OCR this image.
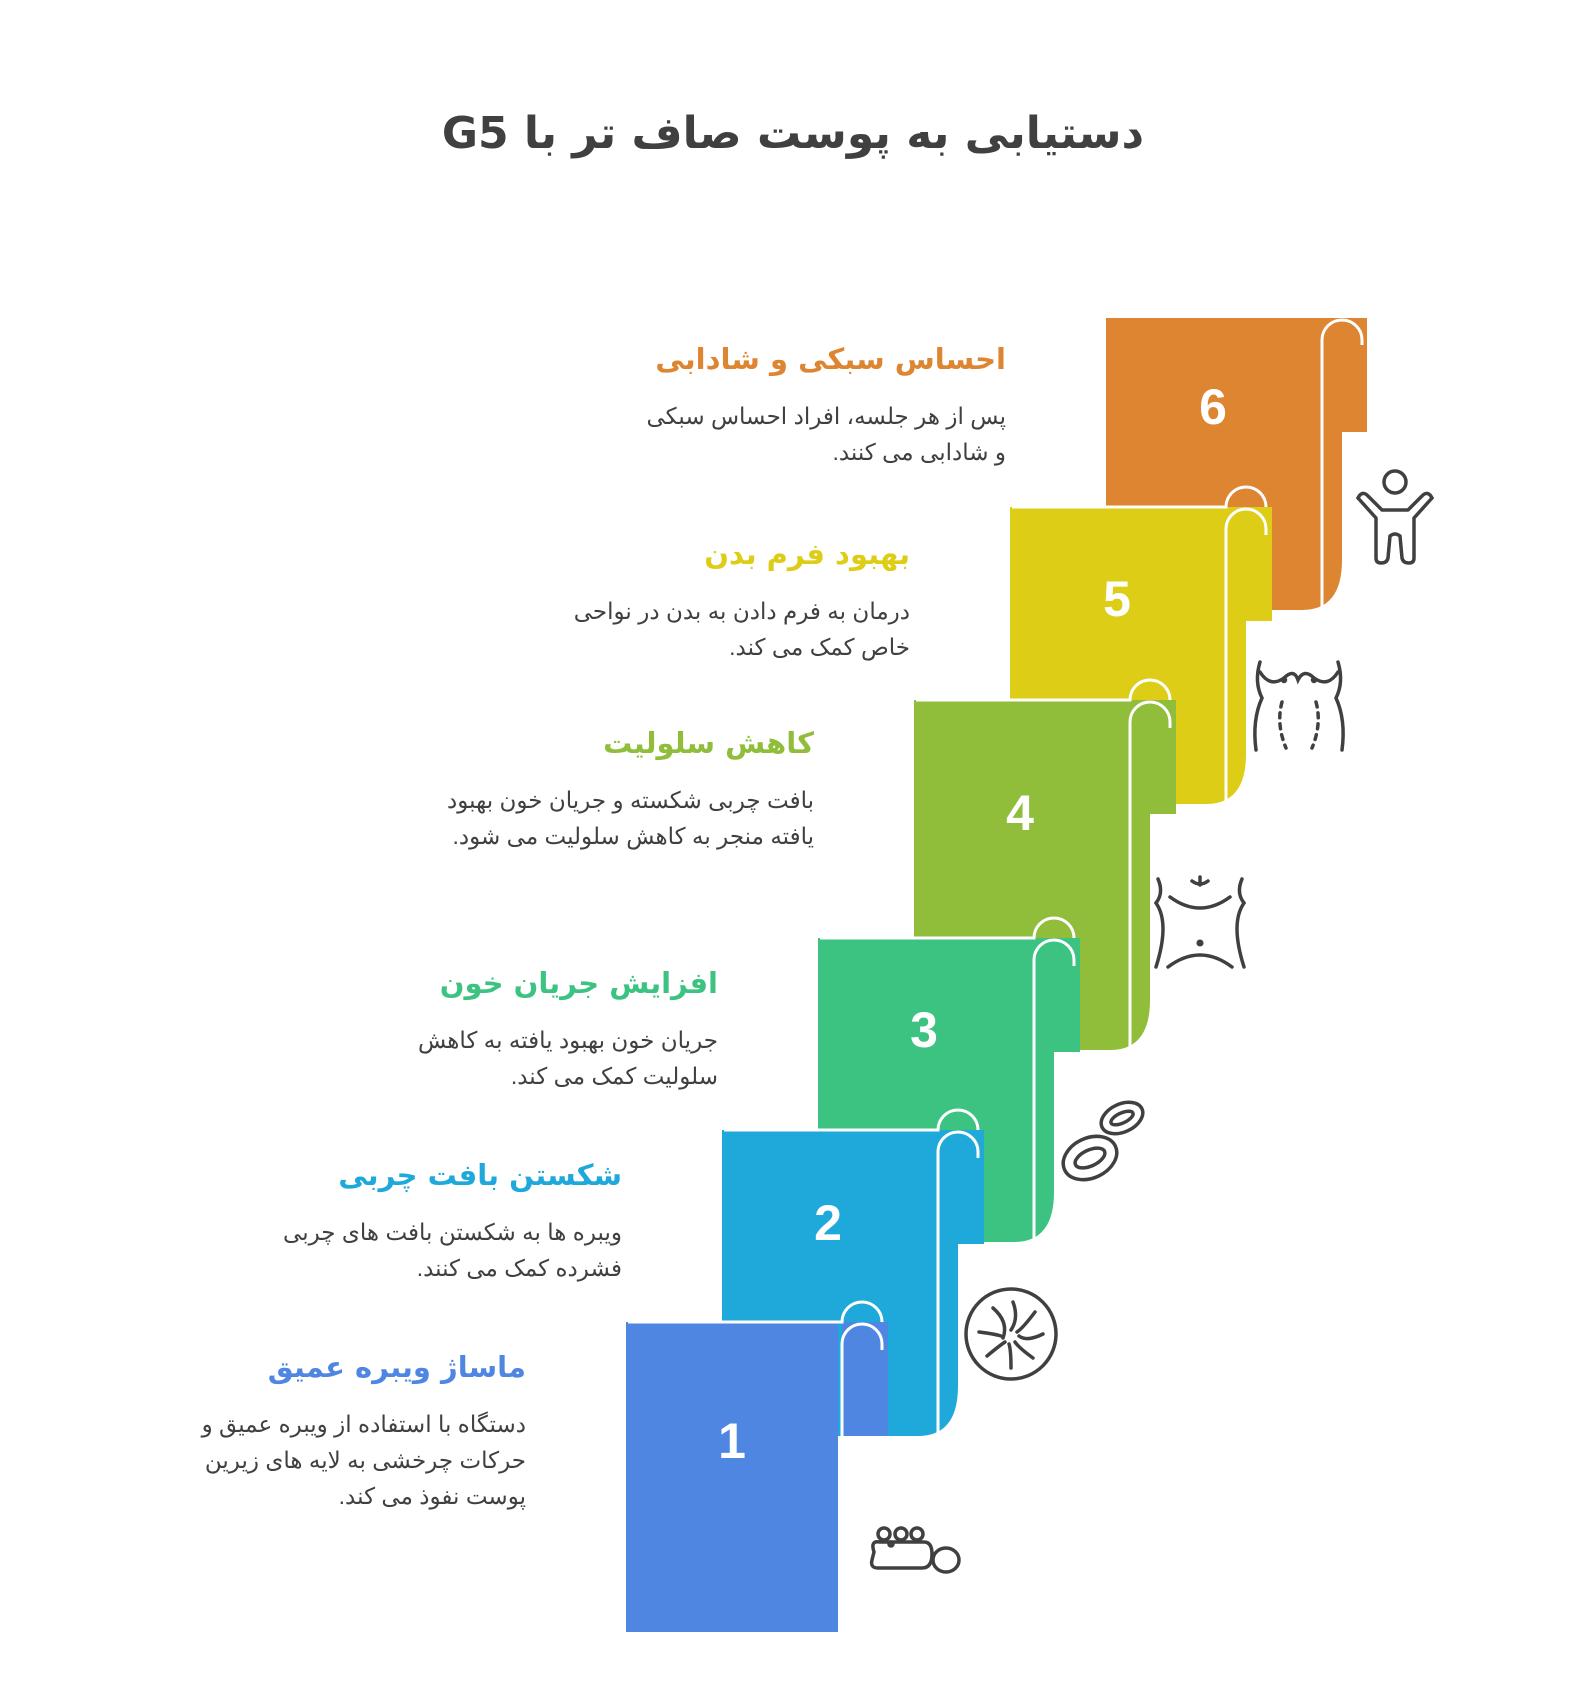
دستیابی به پوست صاف تر با G5
6
5
4
3
2
1
احساس سبکی و شادابی
پس از هر جلسه، افراد احساس سبکی و شادابی می کنند.
بهبود فرم بدن
درمان به فرم دادن به بدن در نواحی خاص کمک می کند.
کاهش سلولیت
بافت چربی شکسته و جریان خون بهبود یافته منجر به کاهش سلولیت می شود.
افزایش جریان خون
جریان خون بهبود یافته به کاهش سلولیت کمک می کند.
شکستن بافت چربی
ویبره ها به شکستن بافت های چربی فشرده کمک می کنند.
ماساژ ویبره عمیق
دستگاه با استفاده از ویبره عمیق و حرکات چرخشی به لایه های زیرین پوست نفوذ می کند.
